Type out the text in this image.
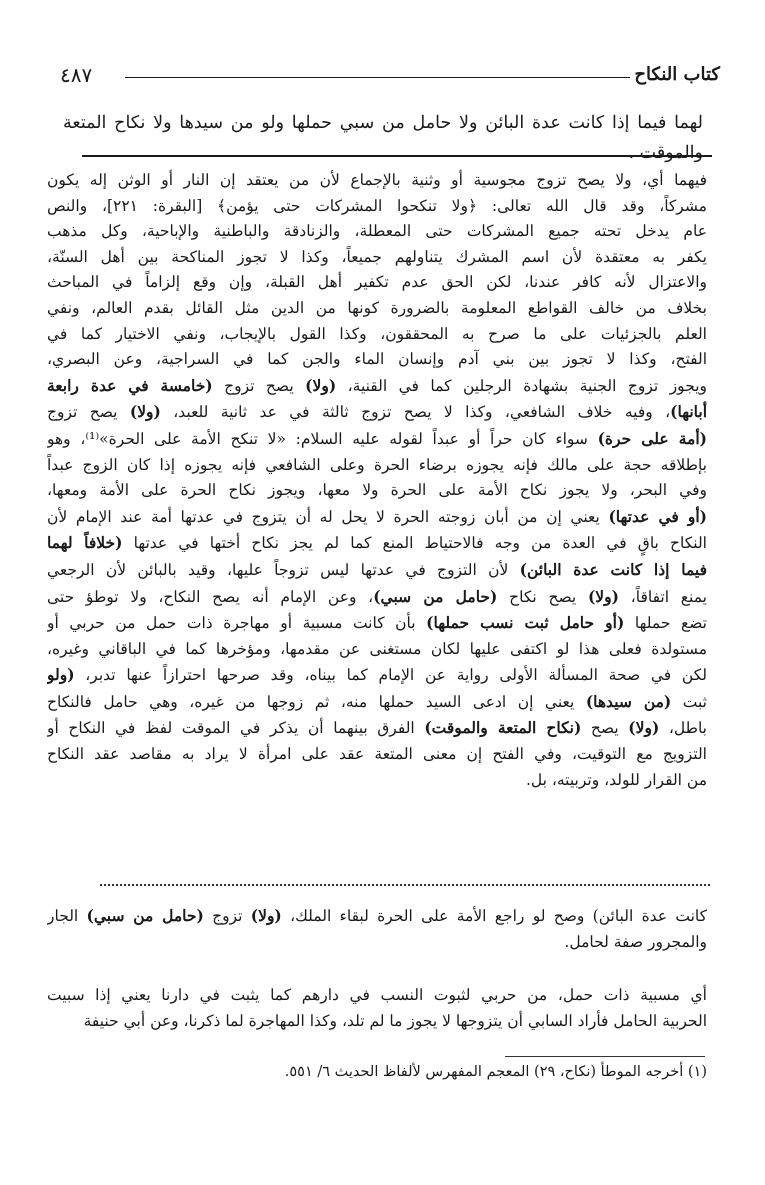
كتاب النكاح
٤٨٧
لهما فيما إذا كانت عدة البائن ولا حامل من سبي حملها ولو من سيدها ولا نكاح المتعة والموقت .

فيهما أي، ولا يصح تزوج مجوسية أو وثنية بالإجماع لأن من يعتقد إن النار أو الوثن إله يكون

مشركاً، وقد قال الله تعالى: ﴿ولا تنكحوا المشركات حتى يؤمن﴾ [البقرة: ٢٢١]، والنص

عام يدخل تحته جميع المشركات حتى المعطلة، والزنادقة والباطنية والإباحية، وكل مذهب

يكفر به معتقدة لأن اسم المشرك يتناولهم جميعاً، وكذا لا تجوز المناكحة بين أهل السنّة،

والاعتزال لأنه كافر عندنا، لكن الحق عدم تكفير أهل القبلة، وإن وقع إلزاماً في المباحث

بخلاف من خالف القواطع المعلومة بالضرورة كونها من الدين مثل القائل بقدم العالم، ونفي

العلم بالجزئيات على ما صرح به المحققون، وكذا القول بالإيجاب، ونفي الاختيار كما في

الفتح، وكذا لا تجوز بين بني آدم وإنسان الماء والجن كما في السراجية، وعن البصري،

ويجوز تزوج الجنية بشهادة الرجلين كما في القنية، (ولا) يصح تزوج (خامسة في عدة رابعة

أبانها)، وفيه خلاف الشافعي، وكذا لا يصح تزوج ثالثة في عد ثانية للعبد، (ولا) يصح تزوج

(أمة على حرة) سواء كان حراً أو عبداً لقوله عليه السلام: «لا تنكح الأمة على الحرة»⁽¹⁾، وهو

بإطلاقه حجة على مالك فإنه يجوزه برضاء الحرة وعلى الشافعي فإنه يجوزه إذا كان الزوج عبداً

وفي البحر، ولا يجوز نكاح الأمة على الحرة ولا معها، ويجوز نكاح الحرة على الأمة ومعها،

(أو في عدتها) يعني إن من أبان زوجته الحرة لا يحل له أن يتزوج في عدتها أمة عند الإمام لأن

النكاح باقٍ في العدة من وجه فالاحتياط المنع كما لم يجز نكاح أختها في عدتها (خلافاً لهما

فيما إذا كانت عدة البائن) لأن التزوج في عدتها ليس تزوجاً عليها، وقيد بالبائن لأن الرجعي

يمنع اتفاقاً، (ولا) يصح نكاح (حامل من سبي)، وعن الإمام أنه يصح النكاح، ولا توطؤ حتى

تضع حملها (أو حامل ثبت نسب حملها) بأن كانت مسبية أو مهاجرة ذات حمل من حربي أو

مستولدة فعلى هذا لو اكتفى عليها لكان مستغنى عن مقدمها، ومؤخرها كما في الباقاني وغيره،

لكن في صحة المسألة الأولى رواية عن الإمام كما بيناه، وقد صرحها احترازاً عنها تدبر، (ولو

ثبت (من سيدها) يعني إن ادعى السيد حملها منه، ثم زوجها من غيره، وهي حامل فالنكاح

باطل، (ولا) يصح (نكاح المتعة والموقت) الفرق بينهما أن يذكر في الموقت لفظ في النكاح أو

التزويج مع التوقيت، وفي الفتح إن معنى المتعة عقد على امرأة لا يراد به مقاصد عقد النكاح

من القرار للولد، وتربيته، بل.

كانت عدة البائن) وصح لو راجع الأمة على الحرة لبقاء الملك، (ولا) تزوج (حامل من سبي) الجار

والمجرور صفة لحامل.

أي مسبية ذات حمل، من حربي لثبوت النسب في دارهم كما يثبت في دارنا يعني إذا سبيت

الحربية الحامل فأراد السابي أن يتزوجها لا يجوز ما لم تلد، وكذا المهاجرة لما ذكرنا، وعن أبي حنيفة

(١) أخرجه الموطأ (نكاح، ٢٩) المعجم المفهرس لألفاظ الحديث ٦/ ٥٥١.
